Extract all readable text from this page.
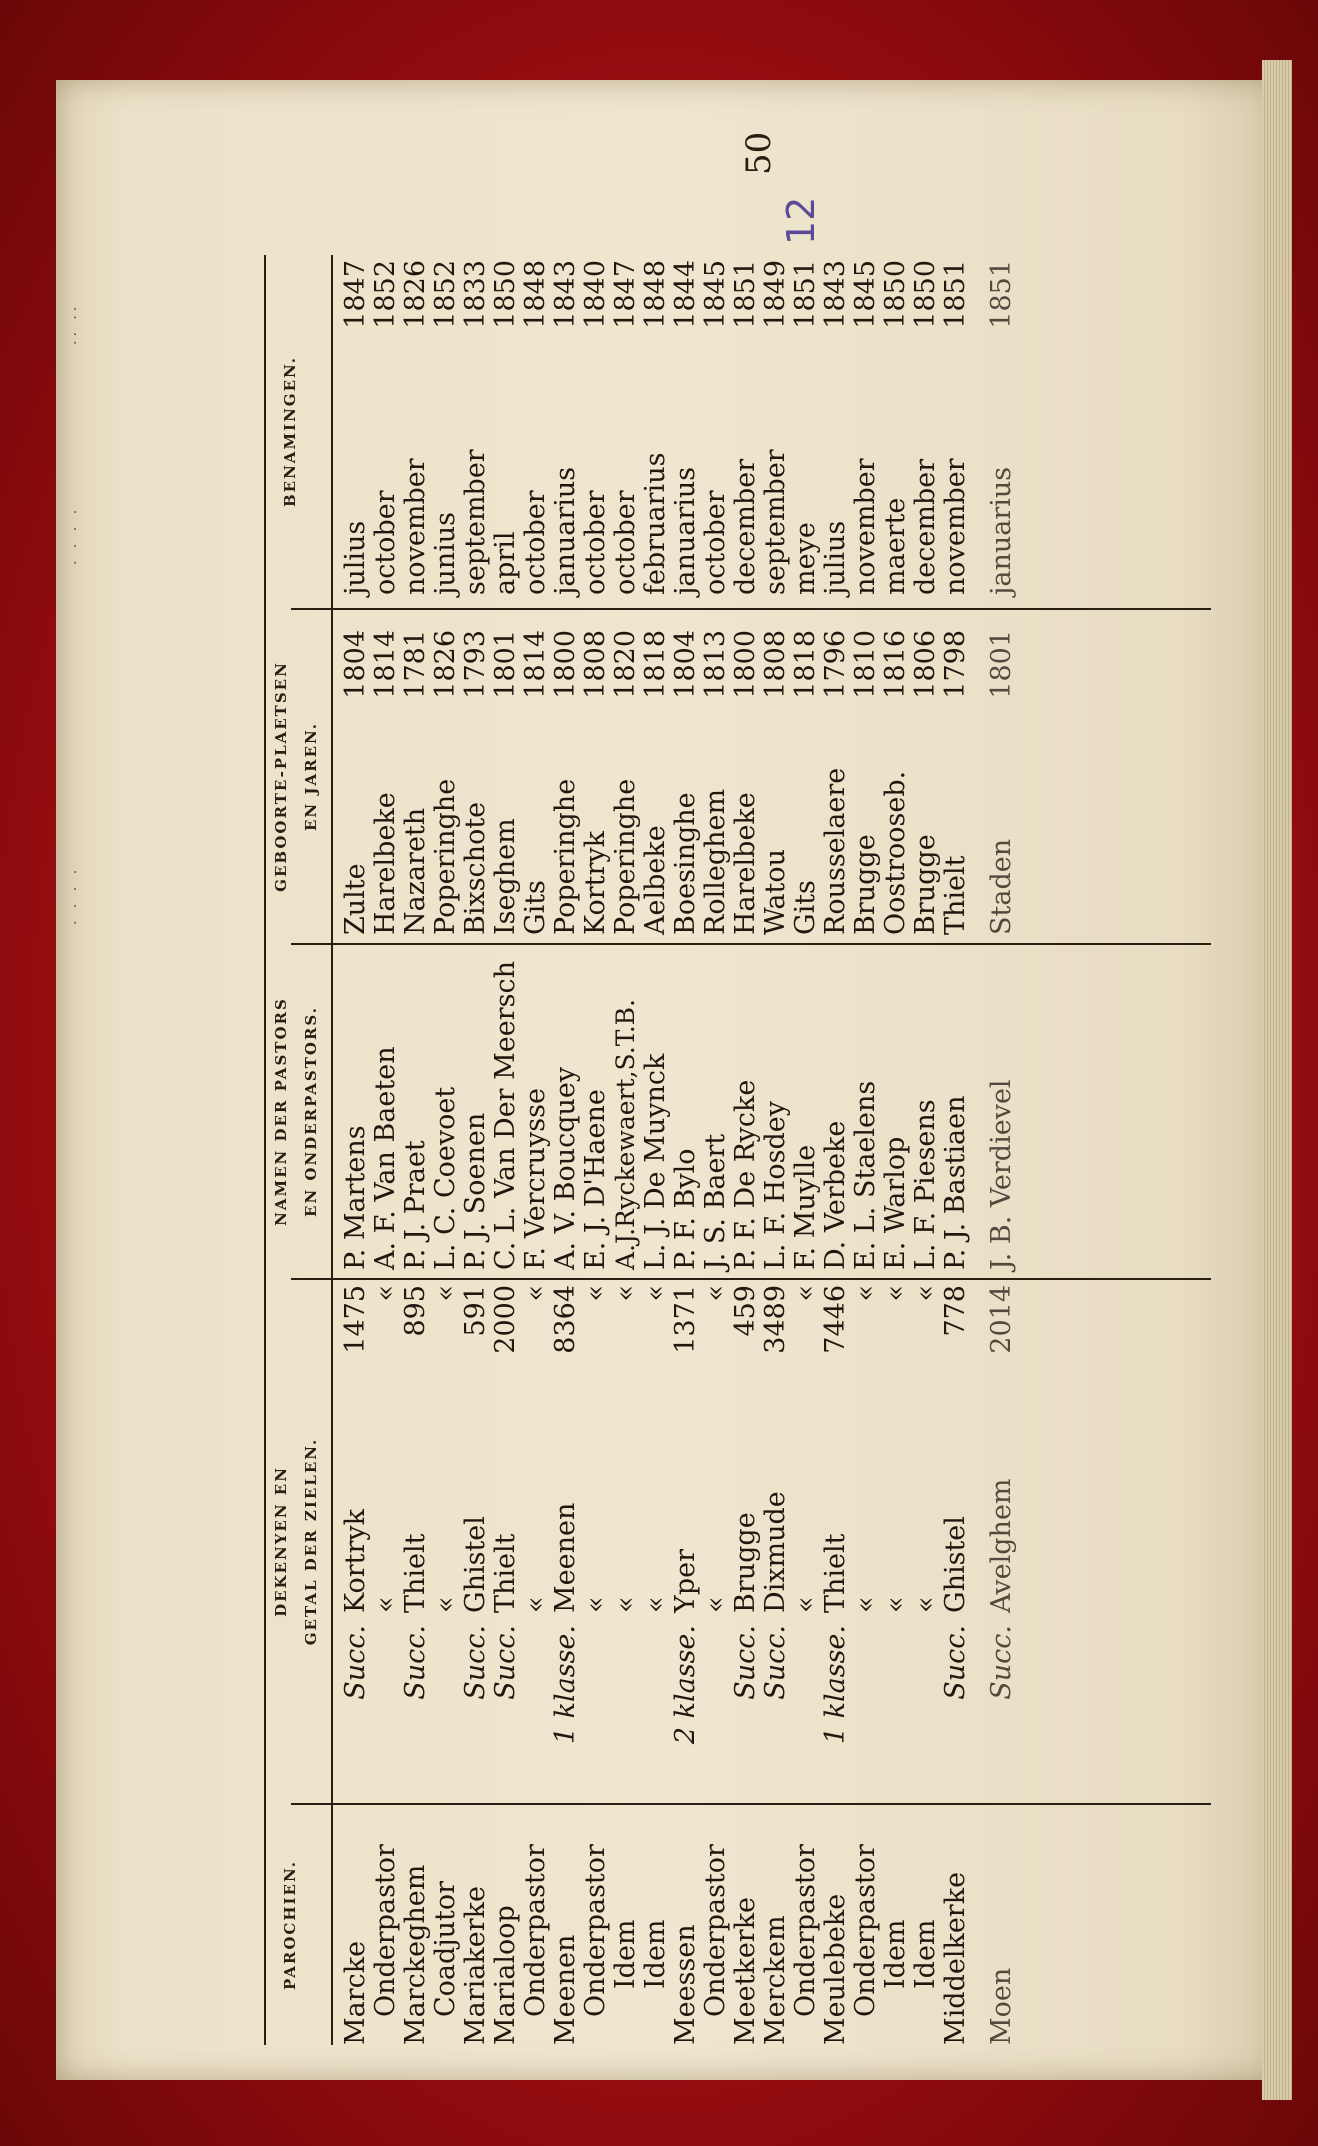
.. ..
. . . .
. . . .
50
12
PAROCHIEN.
DEKENYEN EN GETAL DER ZIELEN.
NAMEN DER PASTORS EN ONDERPASTORS.
GEBOORTE-PLAETSEN EN JAREN.
BENAMINGEN.
Marcke
Succ.
Kortryk
1475
P. Martens
Zulte
1804
julius
1847
Onderpastor
«
«
A. F. Van Baeten
Harelbeke
1814
october
1852
Marckeghem
Succ.
Thielt
895
P. J. Praet
Nazareth
1781
november
1826
Coadjutor
«
«
L. C. Coevoet
Poperinghe
1826
junius
1852
Mariakerke
Succ.
Ghistel
591
P. J. Soenen
Bixschote
1793
september
1833
Marialoop
Succ.
Thielt
2000
C. L. Van Der Meersch
Iseghem
1801
april
1850
Onderpastor
«
«
F. Vercruysse
Gits
1814
october
1848
Meenen
1 klasse.
Meenen
8364
A. V. Boucquey
Poperinghe
1800
januarius
1843
Onderpastor
«
«
E. J. D'Haene
Kortryk
1808
october
1840
Idem
«
«
A.J.Ryckewaert,S.T.B.
Poperinghe
1820
october
1847
Idem
«
«
L. J. De Muynck
Aelbeke
1818
februarius
1848
Meessen
2 klasse.
Yper
1371
P. F. Bylo
Boesinghe
1804
januarius
1844
Onderpastor
«
«
J. S. Baert
Rolleghem
1813
october
1845
Meetkerke
Succ.
Brugge
459
P. F. De Rycke
Harelbeke
1800
december
1851
Merckem
Succ.
Dixmude
3489
L. F. Hosdey
Watou
1808
september
1849
Onderpastor
«
«
F. Muylle
Gits
1818
meye
1851
Meulebeke
1 klasse.
Thielt
7446
D. Verbeke
Rousselaere
1796
julius
1843
Onderpastor
«
«
E. L. Staelens
Brugge
1810
november
1845
Idem
«
«
E. Warlop
Oostrooseb.
1816
maerte
1850
Idem
«
«
L. F. Piesens
Brugge
1806
december
1850
Middelkerke
Succ.
Ghistel
778
P. J. Bastiaen
Thielt
1798
november
1851
Moen
Succ.
Avelghem
2014
J. B. Verdievel
Staden
1801
januarius
1851
